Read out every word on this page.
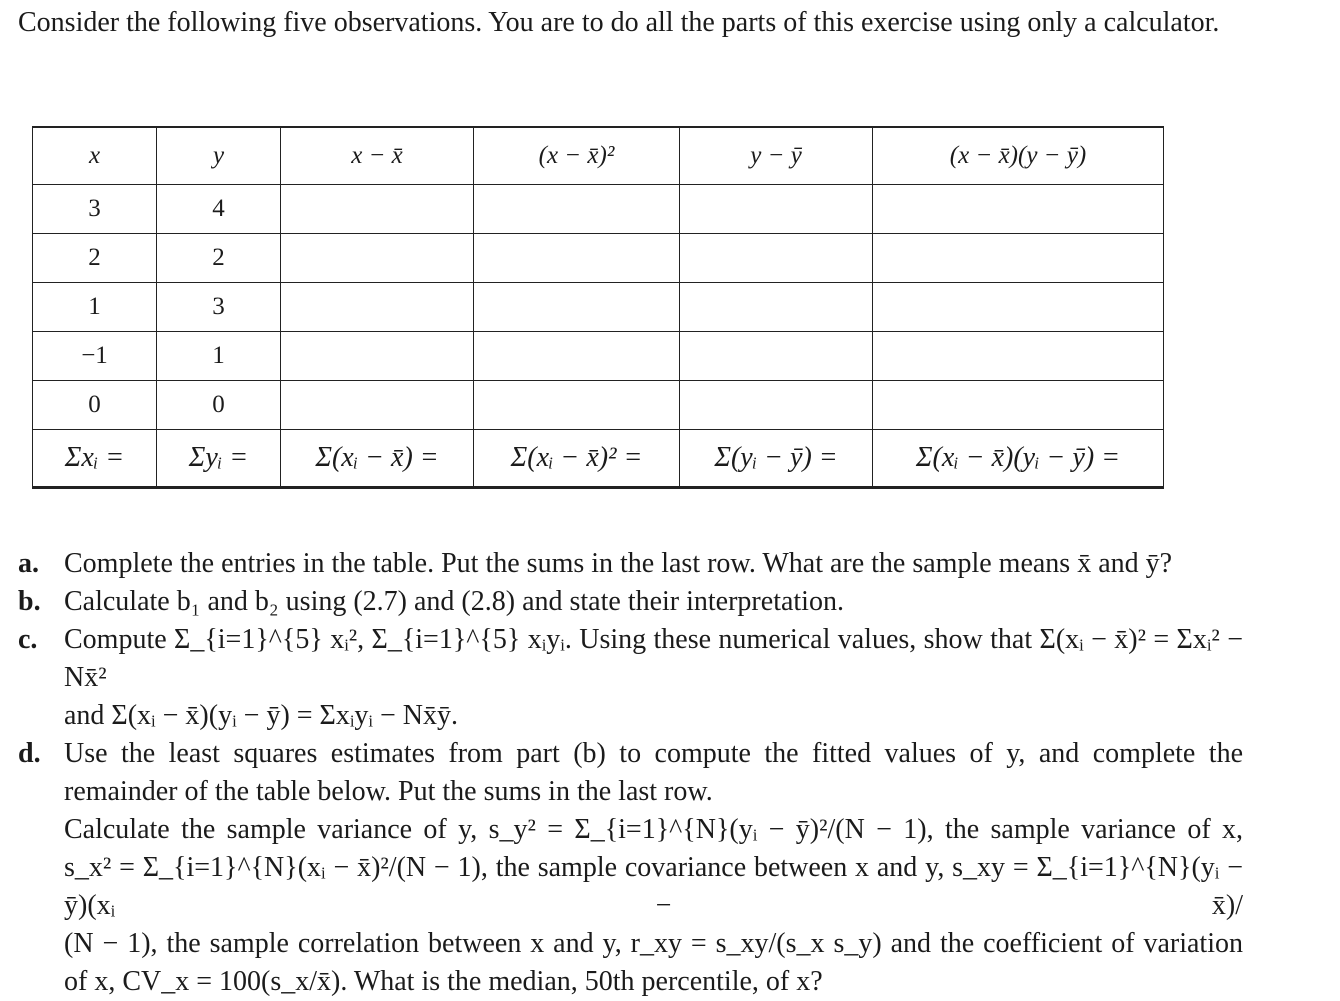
Consider the following five observations. You are to do all the parts of this exercise using only a calculator.

x	y	x − x̄	(x − x̄)²	y − ȳ	(x − x̄)(y − ȳ)
3	4				
2	2				
1	3				
−1	1				
0	0				
Σxᵢ =	Σyᵢ =	Σ(xᵢ − x̄) =	Σ(xᵢ − x̄)² =	Σ(yᵢ − ȳ) =	Σ(xᵢ − x̄)(yᵢ − ȳ) =
a. Complete the entries in the table. Put the sums in the last row. What are the sample means x̄ and ȳ?
b. Calculate b₁ and b₂ using (2.7) and (2.8) and state their interpretation.
c. Compute Σ_{i=1}^{5} xᵢ², Σ_{i=1}^{5} xᵢyᵢ. Using these numerical values, show that Σ(xᵢ − x̄)² = Σxᵢ² − Nx̄²
and Σ(xᵢ − x̄)(yᵢ − ȳ) = Σxᵢyᵢ − Nx̄ȳ.
d. Use the least squares estimates from part (b) to compute the fitted values of y, and complete the remainder of the table below. Put the sums in the last row.
Calculate the sample variance of y, s_y² = Σ_{i=1}^{N}(yᵢ − ȳ)²/(N − 1), the sample variance of x,
s_x² = Σ_{i=1}^{N}(xᵢ − x̄)²/(N − 1), the sample covariance between x and y, s_xy = Σ_{i=1}^{N}(yᵢ − ȳ)(xᵢ − x̄)/
(N − 1), the sample correlation between x and y, r_xy = s_xy/(s_x s_y) and the coefficient of variation
of x, CV_x = 100(s_x/x̄). What is the median, 50th percentile, of x?
